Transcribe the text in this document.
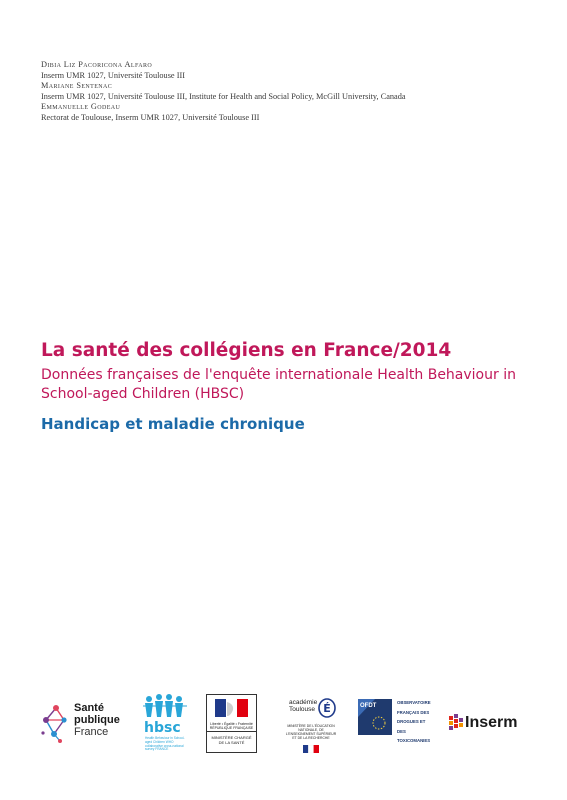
Dibia Liz Pacoricona Alfaro
Inserm UMR 1027, Université Toulouse III
Mariane Sentenac
Inserm UMR 1027, Université Toulouse III, Institute for Health and Social Policy, McGill University, Canada
Emmanuelle Godeau
Rectorat de Toulouse, Inserm UMR 1027, Université Toulouse III
La santé des collégiens en France/2014

Données françaises de l'enquête internationale Health Behaviour in School-aged Children (HBSC)

Handicap et maladie chronique
Santé
publique
France	hbsc
Health Behaviour in School-aged Children WHO collaborative cross-national survey FRANCE
Liberté • Égalité • Fraternité RÉPUBLIQUE FRANÇAISE
MINISTÈRE CHARGÉ DE LA SANTÉ
académie Toulouse É
MINISTÈRE DE L'ÉDUCATION NATIONALE, DE L'ENSEIGNEMENT SUPÉRIEUR ET DE LA RECHERCHE
OFDT
OBSERVATOIRE
FRANÇAIS DES
DROGUES ET DES
TOXICOMANIES
Inserm
